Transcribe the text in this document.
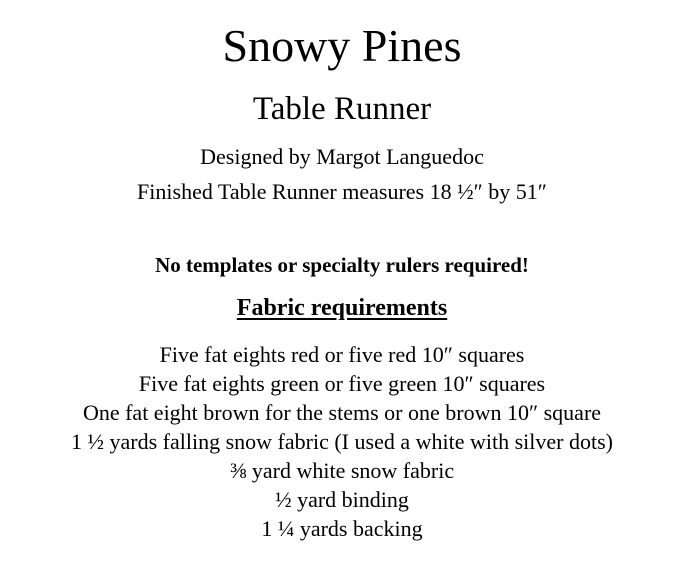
Snowy Pines
Table Runner
Designed by Margot Languedoc
Finished Table Runner measures 18 ½″ by 51″
No templates or specialty rulers required!
Fabric requirements
Five fat eights red or five red 10″ squares
Five fat eights green or five green 10″ squares
One fat eight brown for the stems or one brown 10″ square
1 ½ yards falling snow fabric (I used a white with silver dots)
⅜ yard white snow fabric
½ yard binding
1 ¼ yards backing
